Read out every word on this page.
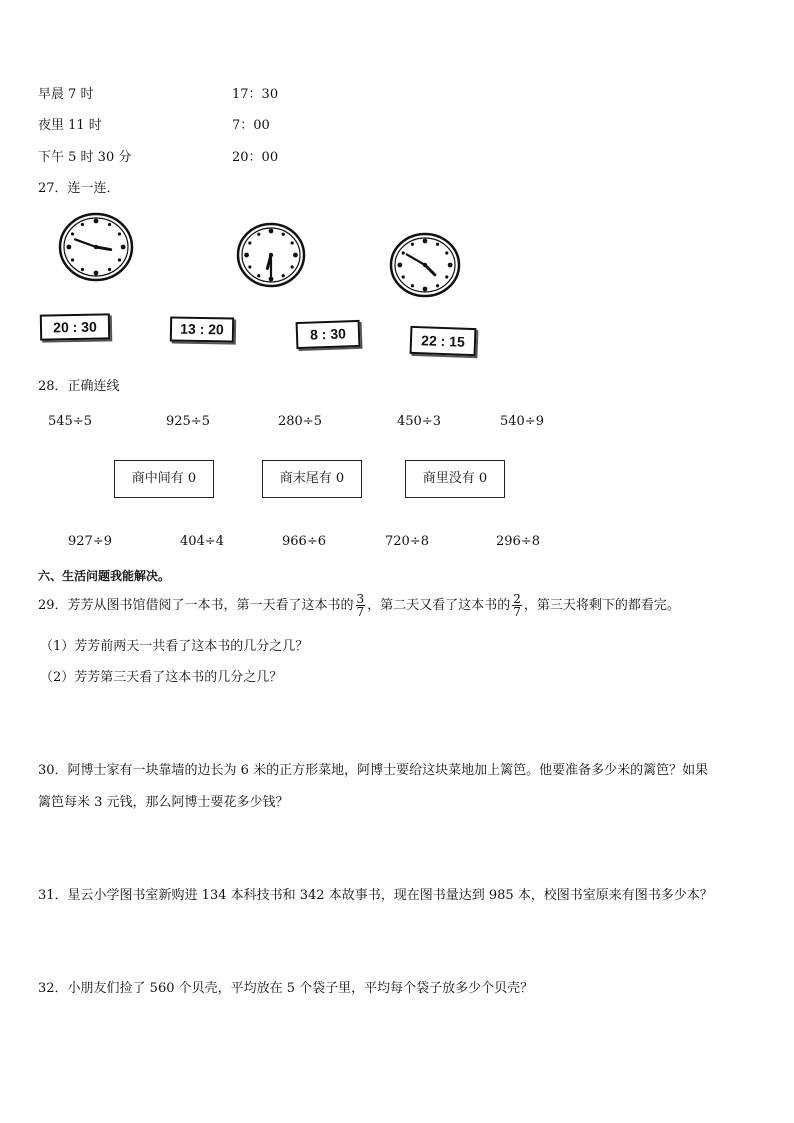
早晨 7 时	17：30
夜里 11 时	7：00
下午 5 时 30 分	20：00
27．连一连．
20 : 30	13 : 20	8 : 30	22 : 15
28．正确连线
545÷5	925÷5	280÷5	450÷3	540÷9
商中间有 0	商末尾有 0	商里没有 0
927÷9	404÷4	966÷6	720÷8	296÷8
六、生活问题我能解决。
29．芳芳从图书馆借阅了一本书，第一天看了这本书的 $\frac{3}{7}$ ，第二天又看了这本书的 $\frac{2}{7}$ ，第三天将剩下的都看完。
（1）芳芳前两天一共看了这本书的几分之几？
（2）芳芳第三天看了这本书的几分之几？
30．阿博士家有一块靠墙的边长为 6 米的正方形菜地，阿博士要给这块菜地加上篱笆。他要准备多少米的篱笆？如果
篱笆每米 3 元钱，那么阿博士要花多少钱？
31．星云小学图书室新购进 134 本科技书和 342 本故事书，现在图书量达到 985 本，校图书室原来有图书多少本？
32．小朋友们捡了 560 个贝壳，平均放在 5 个袋子里，平均每个袋子放多少个贝壳？
